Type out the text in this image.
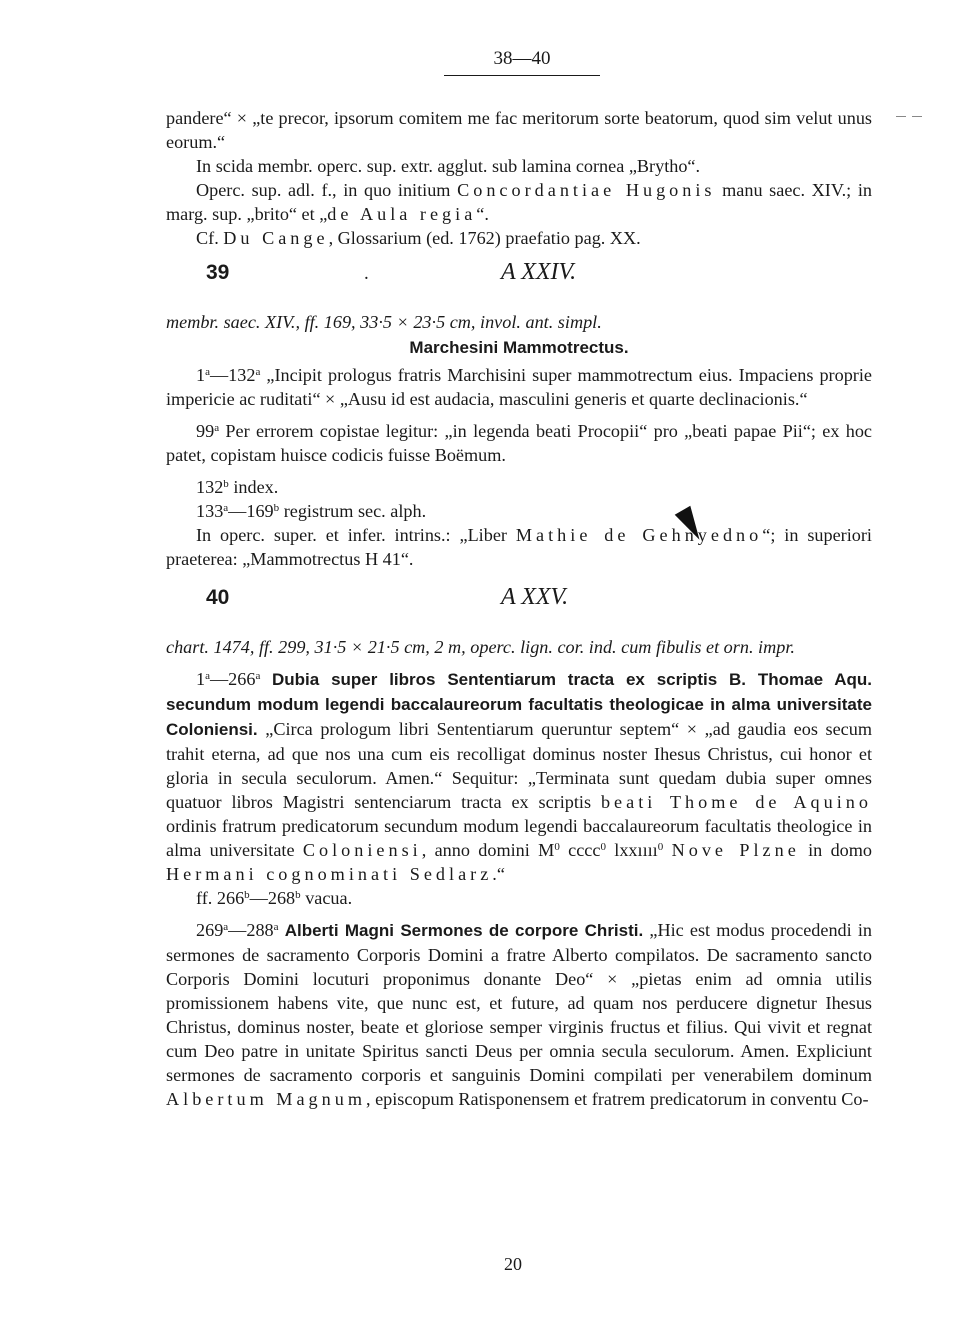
38—40

pandere“ × „te precor, ipsorum comitem me fac meritorum sorte beatorum, quod sim velut unus eorum.“

In scida membr. operc. sup. extr. agglut. sub lamina cornea „Brytho“.

Operc. sup. adl. f., in quo initium Concordantiae Hugonis manu saec. XIV.; in marg. sup. „brito“ et „de Aula regia“.

Cf. Du Cange, Glossarium (ed. 1762) praefatio pag. XX.

39	.	A XXIV.

membr. saec. XIV., ff. 169, 33·5 × 23·5 cm, invol. ant. simpl.

Marchesini Mammotrectus.

1$^a$—132$^a$ „Incipit prologus fratris Marchisini super mammotrectum eius. Impaciens proprie impericie ac ruditati“ × „Ausu id est audacia, masculini generis et quarte declinacionis.“

99$^a$ Per errorem copistae legitur: „in legenda beati Procopii“ pro „beati papae Pii“; ex hoc patet, copistam huisce codicis fuisse Boëmum.

132$^b$ index.

133$^a$—169$^b$ registrum sec. alph.

In operc. super. et infer. intrins.: „Liber Mathie de Gehnyedno“; in superiori praeterea: „Mammotrectus H 41“.

40	A XXV.

chart. 1474, ff. 299, 31·5 × 21·5 cm, 2 m, operc. lign. cor. ind. cum fibulis et orn. impr.

1$^a$—266$^a$ Dubia super libros Sententiarum tracta ex scriptis B. Thomae Aqu. secundum modum legendi baccalaureorum facultatis theologicae in alma universitate Coloniensi. „Circa prologum libri Sententiarum queruntur septem“ × „ad gaudia eos secum trahit eterna, ad que nos una cum eis recolligat dominus noster Ihesus Christus, cui honor et gloria in secula seculorum. Amen.“ Sequitur: „Terminata sunt quedam dubia super omnes quatuor libros Magistri sentenciarum tracta ex scriptis beati Thome de Aquino ordinis fratrum predicatorum secundum modum legendi baccalaureorum facultatis theologice in alma universitate Coloniensi, anno domini $M^0$ cccc$^0$ lxxıııı$^0$ Nove Plzne in domo Hermani cognominati Sedlarz.“

ff. 266$^b$—268$^b$ vacua.

269$^a$—288$^a$ Alberti Magni Sermones de corpore Christi. „Hic est modus procedendi in sermones de sacramento Corporis Domini a fratre Alberto compilatos. De sacramento sancto Corporis Domini locuturi proponimus donante Deo“ × „pietas enim ad omnia utilis promissionem habens vite, que nunc est, et future, ad quam nos perducere dignetur Ihesus Christus, dominus noster, beate et gloriose semper virginis fructus et filius. Qui vivit et regnat cum Deo patre in unitate Spiritus sancti Deus per omnia secula seculorum. Amen. Expliciunt sermones de sacramento corporis et sanguinis Domini compilati per venerabilem dominum Albertum Magnum, episcopum Ratisponensem et fratrem predicatorum in conventu Co-

20
